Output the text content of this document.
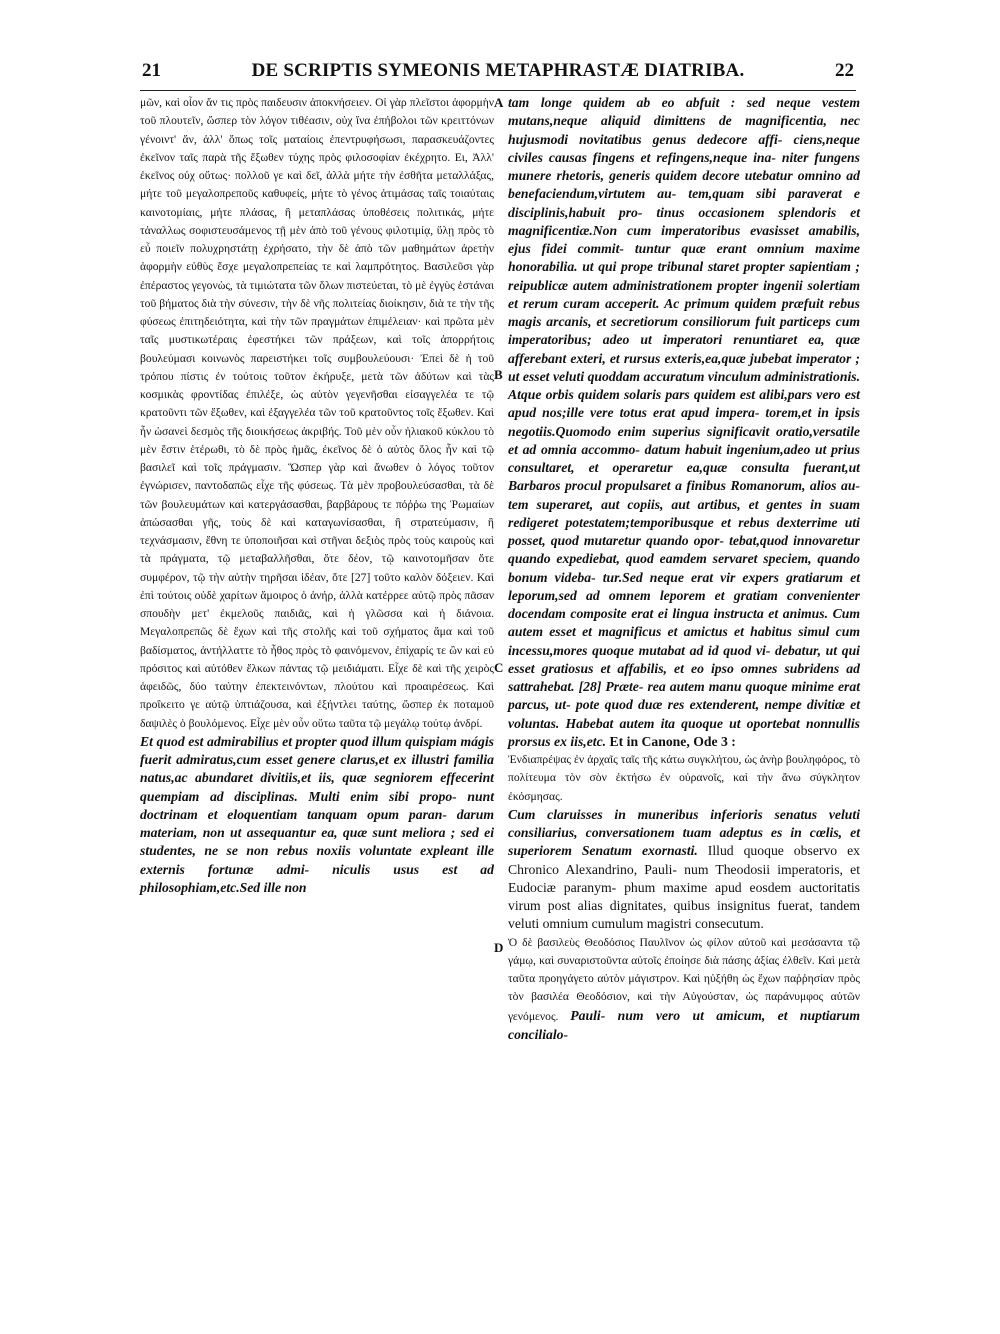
21	DE SCRIPTIS SYMEONIS METAPHRASTÆ DIATRIBA.	22

μῶν, καὶ οἷον ἄν τις πρὸς παιδευσιν ἀποκνήσειεν. Οἱ γὰρ πλεῖστοι ἀφορμὴν τοῦ πλουτεῖν, ὥσπερ τὸν λόγον τιθέασιν, οὐχ ἵνα ἐπήβολοι τῶν κρειττόνων γένοιντ' ἄν, ἀλλ' ὅπως τοῖς ματαίοις ἐπεντρυφήσωσι, παρασκευάζοντες ἐκεῖνον ταῖς παρὰ τῆς ἔξωθεν τύχης πρὸς φιλοσοφίαν ἐκέχρητο. Ει, Ἀλλ' ἐκεῖνος οὐχ οὕτως· πολλοῦ γε καὶ δεῖ, ἀλλὰ μήτε τὴν ἐσθῆτα μεταλλάξας, μήτε τοῦ μεγαλοπρεποῦς καθυφείς, μήτε τὸ γένος ἀτιμάσας ταῖς τοιαύταις καινοτομίαις, μήτε πλάσας, ἢ μεταπλάσας ὑποθέσεις πολιτικάς, μήτε τἀναλλως σοφιστευσάμενος τῇ μὲν ἀπὸ τοῦ γένους φιλοτιμίᾳ, ὕλῃ πρὸς τὸ εὖ ποιεῖν πολυχρηστάτῃ ἐχρήσατο, τὴν δὲ ἀπὸ τῶν μαθημάτων ἀρετὴν ἀφορμὴν εὐθὺς ἔσχε μεγαλοπρεπείας τε καὶ λαμπρότητος. Βασιλεῦσι γὰρ ἐπέραστος γεγονὼς, τὰ τιμιώτατα τῶν ὅλων πιστεύεται, τὸ μὲ ἐγγὺς ἑστάναι τοῦ βήματος διὰ τὴν σύνεσιν, τὴν δὲ νῆς πολιτείας διοίκησιν, διὰ τε τὴν τῆς φύσεως ἐπιτηδειότητα, καὶ τὴν τῶν πραγμάτων ἐπιμέλειαν· καὶ πρῶτα μὲν ταῖς μυστικωτέραις ἐφεστήκει τῶν πράξεων, καὶ τοῖς ἀπορρήτοις βουλεύμασι κοινωνὸς παρειστήκει τοῖς συμβουλεύουσι· Ἐπεὶ δὲ ἡ τοῦ τρόπου πίστις ἐν τούτοις τοῦτον ἐκήρυξε, μετὰ τῶν ἀδύτων καὶ τὰς κοσμικὰς φροντίδας ἐπιλέξε, ὡς αὐτὸν γεγενῆσθαι εἰσαγγελέα τε τῷ κρατοῦντι τῶν ἔξωθεν, καὶ ἐξαγγελέα τῶν τοῦ κρατοῦντος τοῖς ἔξωθεν. Καὶ ἦν ὡσανεὶ δεσμὸς τῆς διοικήσεως ἀκριβής. Τοῦ μὲν οὖν ἡλιακοῦ κύκλου τὸ μὲν ἔστιν ἑτέρωθι, τὸ δὲ πρὸς ἡμᾶς, ἐκεῖνος δὲ ὁ αὐτὸς ὅλος ἦν καὶ τῷ βασιλεῖ καὶ τοῖς πράγμασιν. Ὥσπερ γὰρ καὶ ἄνωθεν ὁ λόγος τοῦτον ἐγνώρισεν, παντοδαπῶς εἶχε τῆς φύσεως. Τὰ μὲν προβουλεύσασθαι, τὰ δὲ τῶν βουλευμάτων καὶ κατεργάσασθαι, βαρβάρους τε πόῤῥω της Ῥωμαίων ἀπώσασθαι γῆς, τοὺς δὲ καὶ καταγωνίσασθαι, ἢ στρατεύμασιν, ἢ τεχνάσμασιν, ἔθνη τε ὑποποιῆσαι καὶ στῆναι δεξιὸς πρὸς τοὺς καιροὺς καὶ τὰ πράγματα, τῷ μεταβαλλῆσθαι, ὅτε δέον, τῷ καινοτομῆσαν ὅτε συμφέρον, τῷ τὴν αὐτὴν τηρῆσαι ἰδέαν, ὅτε [27] τοῦτο καλὸν δόξειεν. Καὶ ἐπὶ τούτοις οὐδὲ χαρίτων ἄμοιρος ὁ ἀνήρ, ἀλλὰ κατέρρεε αὐτῷ πρὸς πᾶσαν σπουδὴν μετ' ἐκμελοῦς παιδιᾶς, καὶ ἡ γλῶσσα καὶ ἡ διάνοια. Μεγαλοπρεπῶς δὲ ἔχων καὶ τῆς στολῆς καὶ τοῦ σχήματος ἅμα καὶ τοῦ βαδίσματος, ἀντήλλαττε τὸ ἦθος πρὸς τὸ φαινόμενον, ἐπίχαρίς τε ὢν καὶ εὐ πρόσιτος καὶ αὐτόθεν ἕλκων πάντας τῷ μειδιάματι. Εἶχε δὲ καὶ τῆς χειρὸς ἀφειδῶς, δύο ταύτην ἐπεκτεινόντων, πλούτου καὶ προαιρέσεως. Καὶ προΐκειτο γε αὐτῷ ὑπτιάζουσα, καὶ ἐξήντλει ταύτης, ὥσπερ ἐκ ποταμοῦ δαψιλὲς ὁ βουλόμενος. Εἶχε μὲν οὖν οὕτω ταῦτα τῷ μεγάλῳ τούτῳ ἀνδρί.

Et quod est admirabilius et propter quod illum quispiam mágis fuerit admiratus,cum esset genere clarus,et ex illustri familia natus,ac abundaret divitiis,et iis, quæ segniorem effecerint quempiam ad disciplinas. Multi enim sibi propo- nunt doctrinam et eloquentiam tanquam opum paran- darum materiam, non ut assequantur ea, quæ sunt meliora ; sed ei studentes, ne se non rebus noxiis voluntate expleant ille externis fortunæ admi- niculis usus est ad philosophiam,etc.Sed ille non

A
B
C
D

tam longe quidem ab eo abfuit : sed neque vestem mutans,neque aliquid dimittens de magnificentia, nec hujusmodi novitatibus genus dedecore affi- ciens,neque civiles causas fingens et refingens,neque ina- niter fungens munere rhetoris, generis quidem decore utebatur omnino ad benefaciendum,virtutem au- tem,quam sibi paraverat e disciplinis,habuit pro- tinus occasionem splendoris et magnificentiæ.Non cum imperatoribus evasisset amabilis, ejus fidei commit- tuntur quæ erant omnium maxime honorabilia. ut qui prope tribunal staret propter sapientiam ; reipublicæ autem administrationem propter ingenii solertiam et rerum curam acceperit. Ac primum quidem præfuit rebus magis arcanis, et secretiorum consiliorum fuit particeps cum imperatoribus; adeo ut imperatori renuntiaret ea, quæ afferebant exteri, et rursus exteris,ea,quæ jubebat imperator ; ut esset veluti quoddam accuratum vinculum administrationis. Atque orbis quidem solaris pars quidem est alibi,pars vero est apud nos;ille vere totus erat apud impera- torem,et in ipsis negotiis.Quomodo enim superius significavit oratio,versatile et ad omnia accommo- datum habuit ingenium,adeo ut prius consultaret, et operaretur ea,quæ consulta fuerant,ut Barbaros procul propulsaret a finibus Romanorum, alios au- tem superaret, aut copiis, aut artibus, et gentes in suam redigeret potestatem;temporibusque et rebus dexterrime uti posset, quod mutaretur quando opor- tebat,quod innovaretur quando expediebat, quod eamdem servaret speciem, quando bonum videba- tur.Sed neque erat vir expers gratiarum et leporum,sed ad omnem leporem et gratiam convenienter docendam composite erat ei lingua instructa et animus. Cum autem esset et magnificus et amictus et habitus simul cum incessu,mores quoque mutabat ad id quod vi- debatur, ut qui esset gratiosus et affabilis, et eo ipso omnes subridens ad sattrahebat. [28] Præte- rea autem manu quoque minime erat parcus, ut- pote quod duæ res extenderent, nempe divitiæ et voluntas. Habebat autem ita quoque ut oportebat nonnullis prorsus ex iis,etc. Et in Canone, Ode 3 :

Ἐνδιαπρέψας ἐν ἀρχαῖς ταῖς τῆς κάτω συγκλήτου, ὡς ἀνὴρ βουληφόρος, τὸ πολίτευμα τὸν σὸν ἐκτήσω ἐν οὐρανοῖς, καὶ τὴν ἄνω σύγκλητον ἐκόσμησας.

Cum claruisses in muneribus inferioris senatus veluti consiliarius, conversationem tuam adeptus es in cœlis, et superiorem Senatum exornasti. Illud quoque observo ex Chronico Alexandrino, Pauli- num Theodosii imperatoris, et Eudociæ paranym- phum maxime apud eosdem auctoritatis virum post alias dignitates, quibus insignitus fuerat, tandem veluti omnium cumulum magistri consecutum.

Ὁ δὲ βασιλεὺς Θεοδόσιος Παυλῖνον ὡς φίλον αὐτοῦ καὶ μεσάσαντα τῷ γάμῳ, καὶ συναριστοῦντα αὐτοῖς ἐποίησε διὰ πάσης ἀξίας ἐλθεῖν. Καὶ μετὰ ταῦτα προηγάγετο αὐτὸν μάγιστρον. Καὶ ηὐξήθη ὡς ἔχων παῤῥησίαν πρὸς τὸν βασιλέα Θεοδόσιον, καὶ τὴν Αὐγούσταν, ὡς παράνυμφος αὐτῶν γενόμενος. Pauli- num vero ut amicum, et nuptiarum concilialo-
